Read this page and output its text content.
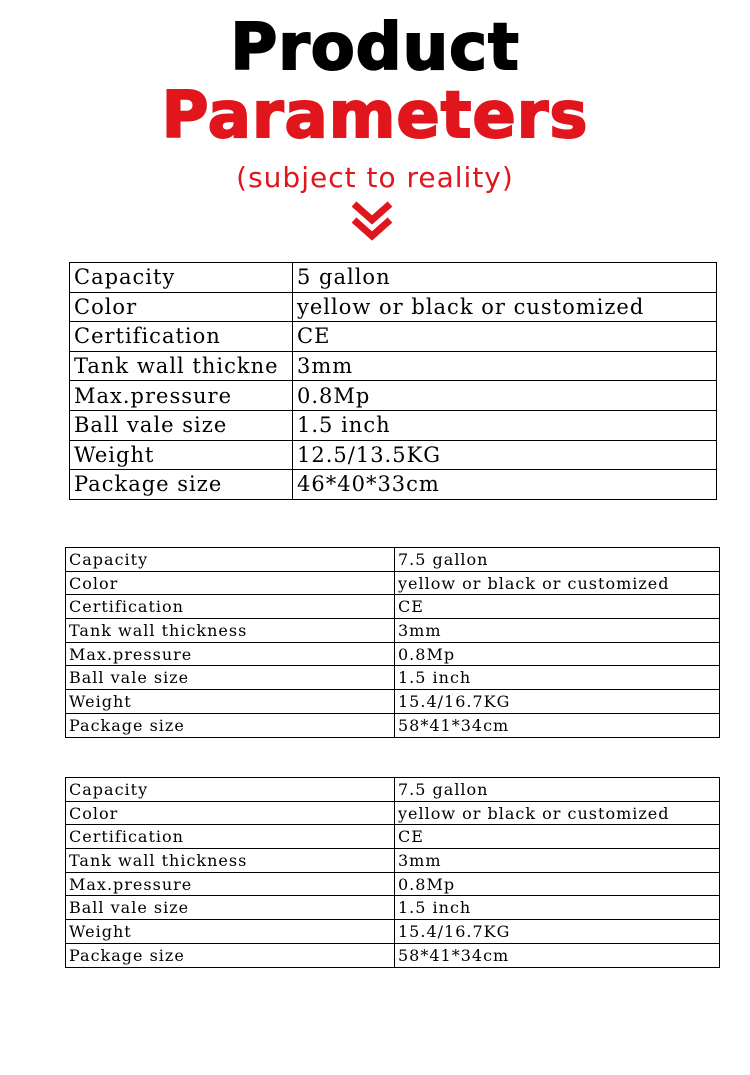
Product
Parameters
(subject to reality)
Capacity	5 gallon
Color	yellow or black or customized
Certification	CE
Tank wall thickne	3mm
Max.pressure	0.8Mp
Ball vale size	1.5 inch
Weight	12.5/13.5KG
Package size	46*40*33cm
Capacity	7.5 gallon
Color	yellow or black or customized
Certification	CE
Tank wall thickness	3mm
Max.pressure	0.8Mp
Ball vale size	1.5 inch
Weight	15.4/16.7KG
Package size	58*41*34cm
Capacity	7.5 gallon
Color	yellow or black or customized
Certification	CE
Tank wall thickness	3mm
Max.pressure	0.8Mp
Ball vale size	1.5 inch
Weight	15.4/16.7KG
Package size	58*41*34cm
